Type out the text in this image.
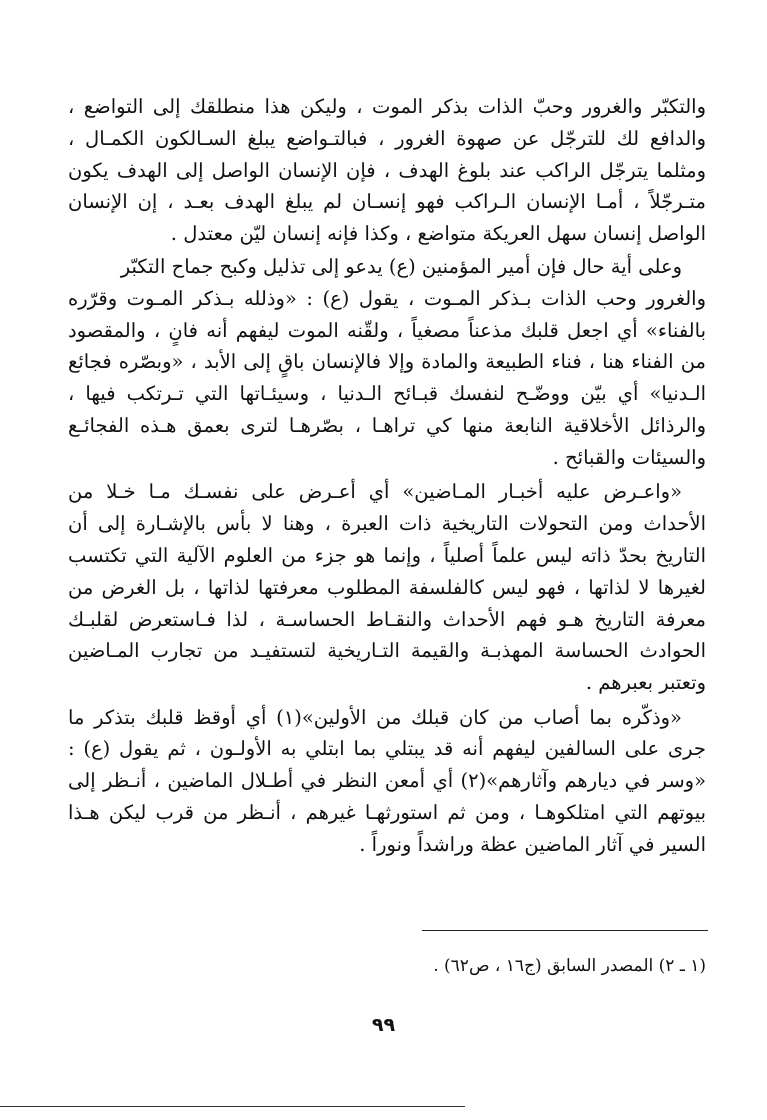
والتكبّر والغرور وحبّ الذات بذكر الموت ، وليكن هذا منطلقك إلى التواضع ،
والدافع لك للترجّل عن صهوة الغرور ، فبالتـواضع يبلغ السـالكون الكمـال ،
ومثلما يترجّل الراكب عند بلوغ الهدف ، فإن الإنسان الواصل إلى الهدف يكون
متـرجّلاً ، أمـا الإنسان الـراكب فهو إنسـان لم يبلغ الهدف بعـد ، إن الإنسان
الواصل إنسان سهل العريكة متواضع ، وكذا فإنه إنسان ليّن معتدل .
وعلى أية حال فإن أمير المؤمنين (ع) يدعو إلى تذليل وكبح جماح التكبّر
والغرور وحب الذات بـذكر المـوت ، يقول (ع) : «وذلله بـذكر المـوت وقرّره
بالفناء» أي اجعل قلبك مذعناً مصغياً ، ولقّنه الموت ليفهم أنه فانٍ ، والمقصود
من الفناء هنا ، فناء الطبيعة والمادة وإلا فالإنسان باقٍ إلى الأبد ، «وبصّره فجائع
الـدنيا» أي بيّن ووضّـح لنفسك قبـائح الـدنيا ، وسيئـاتها التي تـرتكب فيها ،
والرذائل الأخلاقية النابعة منها كي تراهـا ، بصّرهـا لترى بعمق هـذه الفجائـع
والسيئات والقبائح .
«واعـرض عليه أخبـار المـاضين» أي أعـرض على نفسـك مـا خـلا من
الأحداث ومن التحولات التاريخية ذات العبرة ، وهنا لا بأس بالإشـارة إلى أن
التاريخ بحدّ ذاته ليس علماً أصلياً ، وإنما هو جزء من العلوم الآلية التي تكتسب
لغيرها لا لذاتها ، فهو ليس كالفلسفة المطلوب معرفتها لذاتها ، بل الغرض من
معرفة التاريخ هـو فهم الأحداث والنقـاط الحساسـة ، لذا فـاستعرض لقلبـك
الحوادث الحساسة المهذبـة والقيمة التـاريخية لتستفيـد من تجارب المـاضين
وتعتبر بعبرهم .
«وذكّره بما أصاب من كان قبلك من الأولين»(١) أي أوقظ قلبك بتذكر ما
جرى على السالفين ليفهم أنه قد يبتلي بما ابتلي به الأولـون ، ثم يقول (ع) :
«وسر في ديارهم وآثارهم»(٢) أي أمعن النظر في أطـلال الماضين ، أنـظر إلى
بيوتهم التي امتلكوهـا ، ومن ثم استورثهـا غيرهم ، أنـظر من قرب ليكن هـذا
السير في آثار الماضين عظة وراشداً ونوراً .
(١ ـ ٢) المصدر السابق (ج١٦ ، ص٦٢) .
٩٩
